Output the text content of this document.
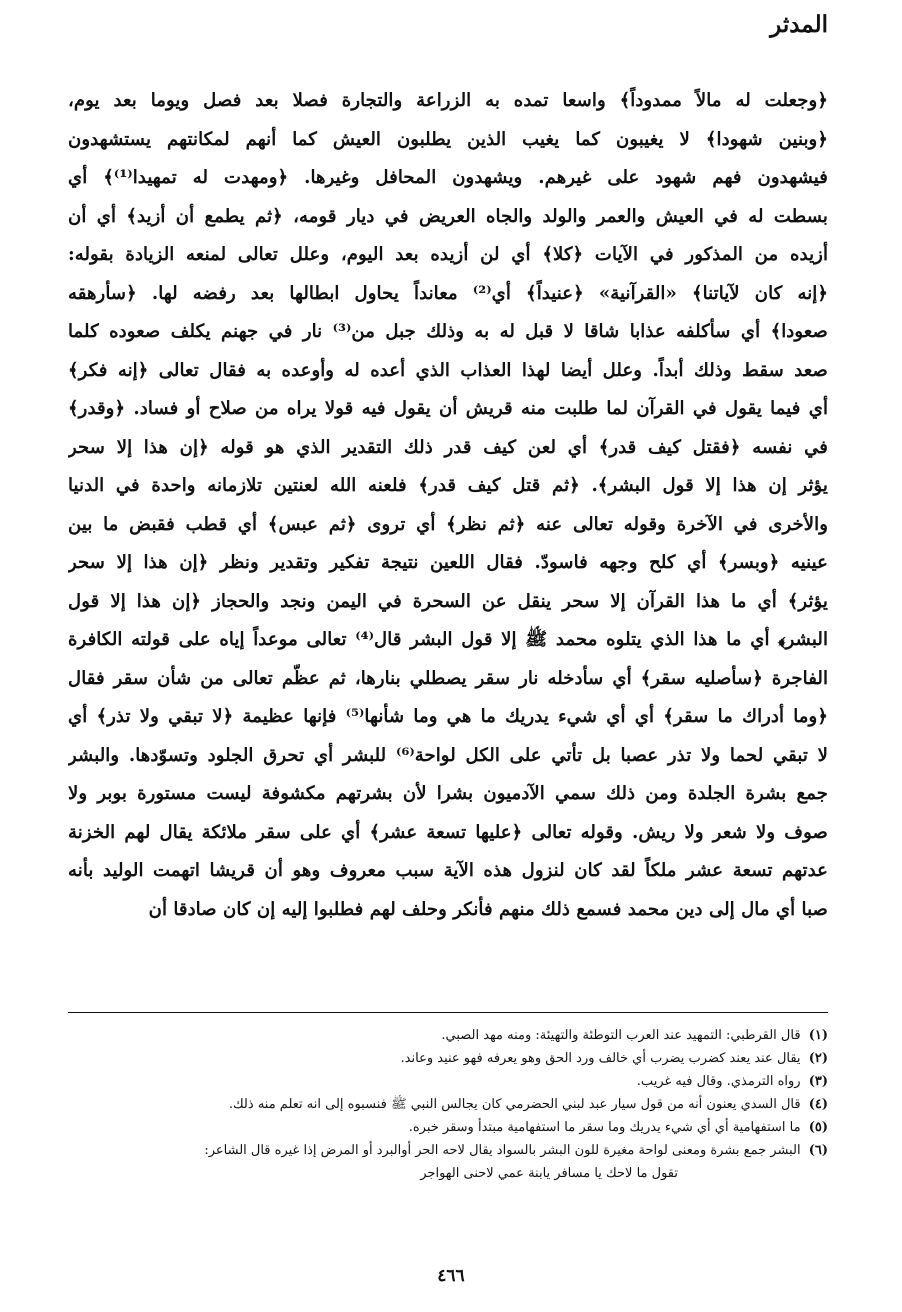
المدثر
﴿وجعلت له مالاً ممدوداً﴾ واسعا تمده به الزراعة والتجارة فصلا بعد فصل ويوما بعد يوم،
﴿وبنين شهودا﴾ لا يغيبون كما يغيب الذين يطلبون العيش كما أنهم لمكانتهم يستشهدون
فيشهدون فهم شهود على غيرهم. ويشهدون المحافل وغيرها. ﴿ومهدت له تمهيدا⁽¹⁾﴾ أي
بسطت له في العيش والعمر والولد والجاه العريض في ديار قومه، ﴿ثم يطمع أن أزيد﴾ أي أن
أزيده من المذكور في الآيات ﴿كلا﴾ أي لن أزيده بعد اليوم، وعلل تعالى لمنعه الزيادة بقوله:
﴿إنه كان لآياتنا﴾ «القرآنية» ﴿عنيداً﴾ أي⁽²⁾ معانداً يحاول ابطالها بعد رفضه لها. ﴿سأرهقه
صعودا﴾ أي سأكلفه عذابا شاقا لا قبل له به وذلك جبل من⁽³⁾ نار في جهنم يكلف صعوده كلما
صعد سقط وذلك أبداً. وعلل أيضا لهذا العذاب الذي أعده له وأوعده به فقال تعالى ﴿إنه فكر﴾
أي فيما يقول في القرآن لما طلبت منه قريش أن يقول فيه قولا يراه من صلاح أو فساد. ﴿وقدر﴾
في نفسه ﴿فقتل كيف قدر﴾ أي لعن كيف قدر ذلك التقدير الذي هو قوله ﴿إن هذا إلا سحر
يؤثر إن هذا إلا قول البشر﴾. ﴿ثم قتل كيف قدر﴾ فلعنه الله لعنتين تلازمانه واحدة في الدنيا
والأخرى في الآخرة وقوله تعالى عنه ﴿ثم نظر﴾ أي تروى ﴿ثم عبس﴾ أي قطب فقبض ما بين
عينيه ﴿وبسر﴾ أي كلح وجهه فاسودّ. فقال اللعين نتيجة تفكير وتقدير ونظر ﴿إن هذا إلا سحر
يؤثر﴾ أي ما هذا القرآن إلا سحر ينقل عن السحرة في اليمن ونجد والحجاز ﴿إن هذا إلا قول
البشر﴾ أي ما هذا الذي يتلوه محمد ﷺ إلا قول البشر قال⁽⁴⁾ تعالى موعداً إياه على قولته الكافرة
الفاجرة ﴿سأصليه سقر﴾ أي سأدخله نار سقر يصطلي بنارها، ثم عظّم تعالى من شأن سقر فقال
﴿وما أدراك ما سقر﴾ أي أي شيء يدريك ما هي وما شأنها⁽⁵⁾ فإنها عظيمة ﴿لا تبقي ولا تذر﴾ أي
لا تبقي لحما ولا تذر عصبا بل تأتي على الكل لواحة⁽⁶⁾ للبشر أي تحرق الجلود وتسوّدها. والبشر
جمع بشرة الجلدة ومن ذلك سمي الآدميون بشرا لأن بشرتهم مكشوفة ليست مستورة بوبر ولا
صوف ولا شعر ولا ريش. وقوله تعالى ﴿عليها تسعة عشر﴾ أي على سقر ملائكة يقال لهم الخزنة
عدتهم تسعة عشر ملكاً لقد كان لنزول هذه الآية سبب معروف وهو أن قريشا اتهمت الوليد بأنه
صبا أي مال إلى دين محمد فسمع ذلك منهم فأنكر وحلف لهم فطلبوا إليه إن كان صادقا أن
(١) قال القرطبي: التمهيد عند العرب التوطئة والتهيئة: ومنه مهد الصبي.
(٢) يقال عند يعند كضرب يضرب أي خالف ورد الحق وهو يعرفه فهو عنيد وعاند.
(٣) رواه الترمذي. وقال فيه غريب.
(٤) قال السدي يعنون أنه من قول سيار عبد لبني الحضرمي كان يجالس النبي ﷺ فنسبوه إلى انه تعلم منه ذلك.
(٥) ما استفهامية أي أي شيء يدريك وما سقر ما استفهامية مبتدأ وسقر خبره.
(٦) البشر جمع بشرة ومعنى لواحة مغيرة للون البشر بالسواد يقال لاحه الحر أوالبرد أو المرض إذا غيره قال الشاعر:
تقول ما لاحك يا مسافر يابنة عمي لاحنى الهواجر
٤٦٦
